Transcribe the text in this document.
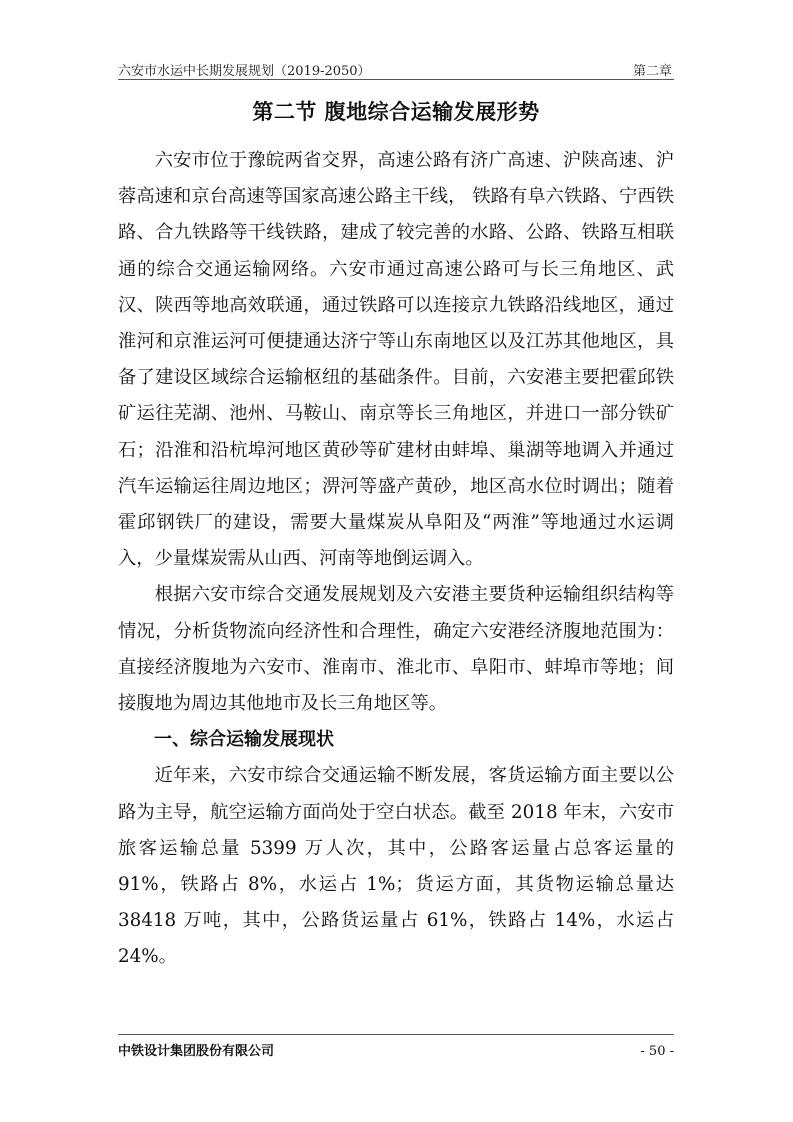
六安市水运中长期发展规划（2019-2050）	第二章
第二节 腹地综合运输发展形势

六安市位于豫皖两省交界，高速公路有济广高速、沪陕高速、沪蓉高速和京台高速等国家高速公路主干线， 铁路有阜六铁路、宁西铁路、合九铁路等干线铁路，建成了较完善的水路、公路、铁路互相联通的综合交通运输网络。六安市通过高速公路可与长三角地区、武汉、陕西等地高效联通，通过铁路可以连接京九铁路沿线地区，通过淮河和京淮运河可便捷通达济宁等山东南地区以及江苏其他地区，具备了建设区域综合运输枢纽的基础条件。目前，六安港主要把霍邱铁矿运往芜湖、池州、马鞍山、南京等长三角地区，并进口一部分铁矿石；沿淮和沿杭埠河地区黄砂等矿建材由蚌埠、巢湖等地调入并通过汽车运输运往周边地区；淠河等盛产黄砂，地区高水位时调出；随着霍邱钢铁厂的建设，需要大量煤炭从阜阳及“两淮”等地通过水运调入，少量煤炭需从山西、河南等地倒运调入。

根据六安市综合交通发展规划及六安港主要货种运输组织结构等情况，分析货物流向经济性和合理性，确定六安港经济腹地范围为：直接经济腹地为六安市、淮南市、淮北市、阜阳市、蚌埠市等地；间接腹地为周边其他地市及长三角地区等。

一、综合运输发展现状

近年来，六安市综合交通运输不断发展，客货运输方面主要以公路为主导，航空运输方面尚处于空白状态。截至 2018 年末，六安市旅客运输总量 5399 万人次，其中，公路客运量占总客运量的 91%，铁路占 8%，水运占 1%；货运方面，其货物运输总量达 38418 万吨，其中，公路货运量占 61%，铁路占 14%，水运占 24%。

中铁设计集团股份有限公司	- 50 -
